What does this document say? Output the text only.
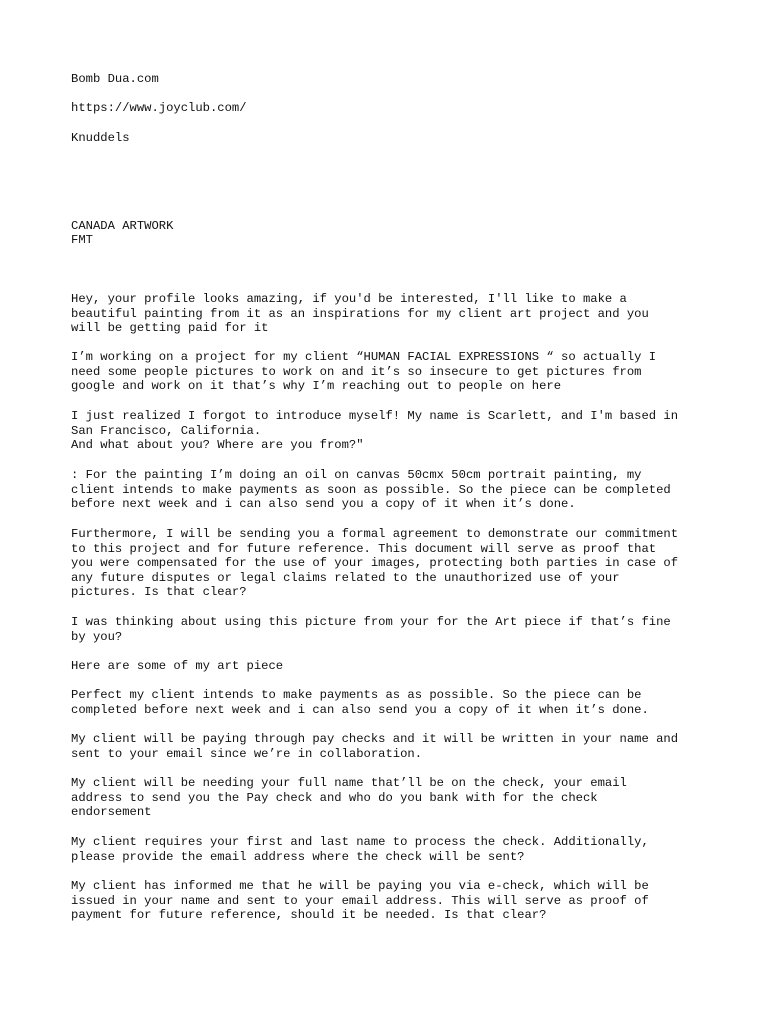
Bomb Dua.com

https://www.joyclub.com/

Knuddels

CANADA ARTWORK

FMT

Hey, your profile looks amazing, if you'd be interested, I'll like to make a
beautiful painting from it as an inspirations for my client art project and you
will be getting paid for it

I’m working on a project for my client “HUMAN FACIAL EXPRESSIONS “ so actually I
need some people pictures to work on and it’s so insecure to get pictures from
google and work on it that’s why I’m reaching out to people on here

I just realized I forgot to introduce myself! My name is Scarlett, and I'm based in
San Francisco, California.
And what about you? Where are you from?"

: For the painting I’m doing an oil on canvas 50cmx 50cm portrait painting, my
client intends to make payments as soon as possible. So the piece can be completed
before next week and i can also send you a copy of it when it’s done.

Furthermore, I will be sending you a formal agreement to demonstrate our commitment
to this project and for future reference. This document will serve as proof that
you were compensated for the use of your images, protecting both parties in case of
any future disputes or legal claims related to the unauthorized use of your
pictures. Is that clear?

I was thinking about using this picture from your for the Art piece if that’s fine
by you?

Here are some of my art piece

Perfect my client intends to make payments as as possible. So the piece can be
completed before next week and i can also send you a copy of it when it’s done.

My client will be paying through pay checks and it will be written in your name and
sent to your email since we’re in collaboration.

My client will be needing your full name that’ll be on the check, your email
address to send you the Pay check and who do you bank with for the check
endorsement

My client requires your first and last name to process the check. Additionally,
please provide the email address where the check will be sent?

My client has informed me that he will be paying you via e-check, which will be
issued in your name and sent to your email address. This will serve as proof of
payment for future reference, should it be needed. Is that clear?
